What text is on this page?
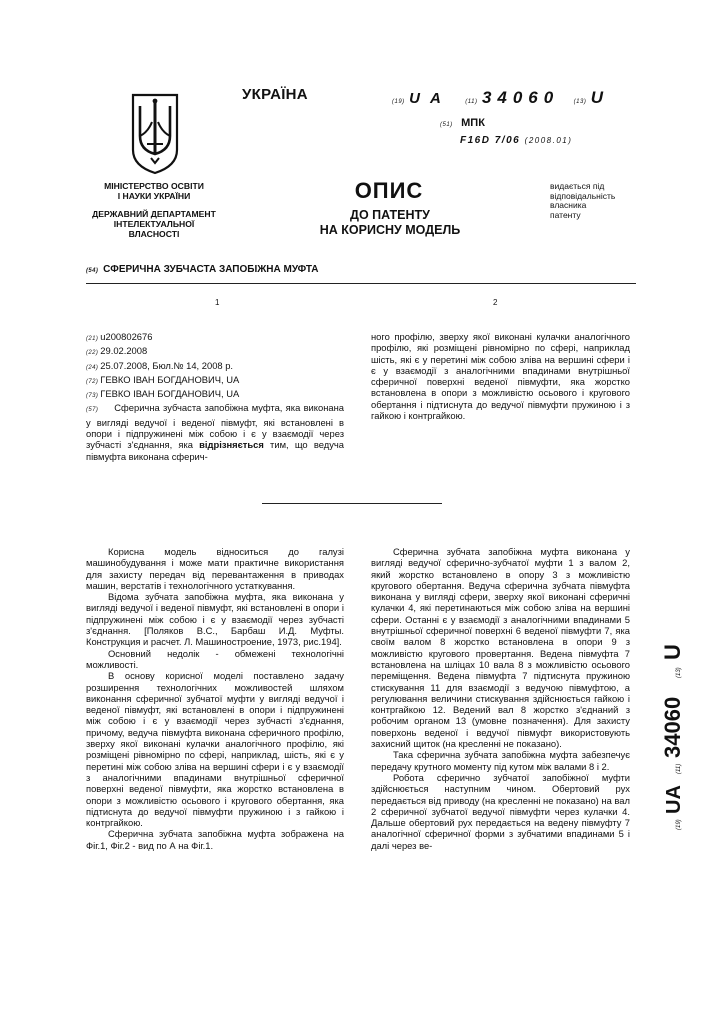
МІНІСТЕРСТВО ОСВІТИ
І НАУКИ УКРАЇНИ
ДЕРЖАВНИЙ ДЕПАРТАМЕНТ
ІНТЕЛЕКТУАЛЬНОЇ
ВЛАСНОСТІ
УКРАЇНА	(19) UA (11) 34060 (13) U
(51) МПК
F16D 7/06 (2008.01)
ОПИС
ДО ПАТЕНТУ
НА КОРИСНУ МОДЕЛЬ
видається під
відповідальність
власника
патенту
(54) СФЕРИЧНА ЗУБЧАСТА ЗАПОБІЖНА МУФТА
1	2
(21) u200802676
(22) 29.02.2008
(24) 25.07.2008, Бюл.№ 14, 2008 р.
(72) ГЕВКО ІВАН БОГДАНОВИЧ, UA
(73) ГЕВКО ІВАН БОГДАНОВИЧ, UA
(57) Сферична зубчаста запобіжна муфта, яка виконана у вигляді ведучої і веденої півмуфт, які встановлені в опори і підпружинені між собою і є у взаємодії через зубчасті з'єднання, яка відрізняється тим, що ведуча півмуфта виконана сферич-
ного профілю, зверху якої виконані кулачки аналогічного профілю, які розміщені рівномірно по сфері, наприклад шість, які є у перетині між собою зліва на вершині сфери і є у взаємодії з аналогічними впадинами внутрішньої сферичної поверхні веденої півмуфти, яка жорстко встановлена в опори з можливістю осьового і кругового обертання і підтиснута до ведучої півмуфти пружиною і з гайкою і контргайкою.

Корисна модель відноситься до галузі машинобудування і може мати практичне використання для захисту передач від перевантаження в приводах машин, верстатів і технологічного устаткування.

Відома зубчата запобіжна муфта, яка виконана у вигляді ведучої і веденої півмуфт, які встановлені в опори і підпружинені між собою і є у взаємодії через зубчасті з'єднання. [Поляков B.C., Барбаш И.Д. Муфты. Конструкция и расчет. Л. Машиностроение, 1973, рис.194].

Основний недолік - обмежені технологічні можливості.

В основу корисної моделі поставлено задачу розширення технологічних можливостей шляхом виконання сферичної зубчатої муфти у вигляді ведучої і веденої півмуфт, які встановлені в опори і підпружинені між собою і є у взаємодії через зубчасті з'єднання, причому, ведуча півмуфта виконана сферичного профілю, зверху якої виконані кулачки аналогічного профілю, які розміщені рівномірно по сфері, наприклад, шість, які є у перетині між собою зліва на вершині сфери і є у взаємодії з аналогічними впадинами внутрішньої сферичної поверхні веденої півмуфти, яка жорстко встановлена в опори з можливістю осьового і кругового обертання, яка підтиснута до ведучої півмуфти пружиною і з гайкою і контргайкою.

Сферична зубчата запобіжна муфта зображена на Фіг.1, Фіг.2 - вид по А на Фіг.1.

Сферична зубчата запобіжна муфта виконана у вигляді ведучої сферично-зубчатої муфти 1 з валом 2, який жорстко встановлено в опору 3 з можливістю кругового обертання. Ведуча сферична зубчата півмуфта виконана у вигляді сфери, зверху якої виконані сферичні кулачки 4, які перетинаються між собою зліва на вершині сфери. Останні є у взаємодії з аналогічними впадинами 5 внутрішньої сферичної поверхні 6 веденої півмуфти 7, яка своїм валом 8 жорстко встановлена в опори 9 з можливістю кругового провертання. Ведена півмуфта 7 встановлена на шліцах 10 вала 8 з можливістю осьового переміщення. Ведена півмуфта 7 підтиснута пружиною стискування 11 для взаємодії з ведучою півмуфтою, а регулювання величини стискування здійснюється гайкою і контргайкою 12. Ведений вал 8 жорстко з'єднаний з робочим органом 13 (умовне позначення). Для захисту поверхонь веденої і ведучої півмуфт використовують захисний щиток (на кресленні не показано).

Така сферична зубчата запобіжна муфта забезпечує передачу крутного моменту під кутом між валами 8 і 2.

Робота сферично зубчатої запобіжної муфти здійснюється наступним чином. Обертовий рух передається від приводу (на кресленні не показано) на вал 2 сферичної зубчатої ведучої півмуфти через кулачки 4. Дальше обертовий рух передається на ведену півмуфту 7 аналогічної сферичної форми з зубчатими впадинами 5 і далі через ве-

(19)
UA
(11)
34060
(13)
U
